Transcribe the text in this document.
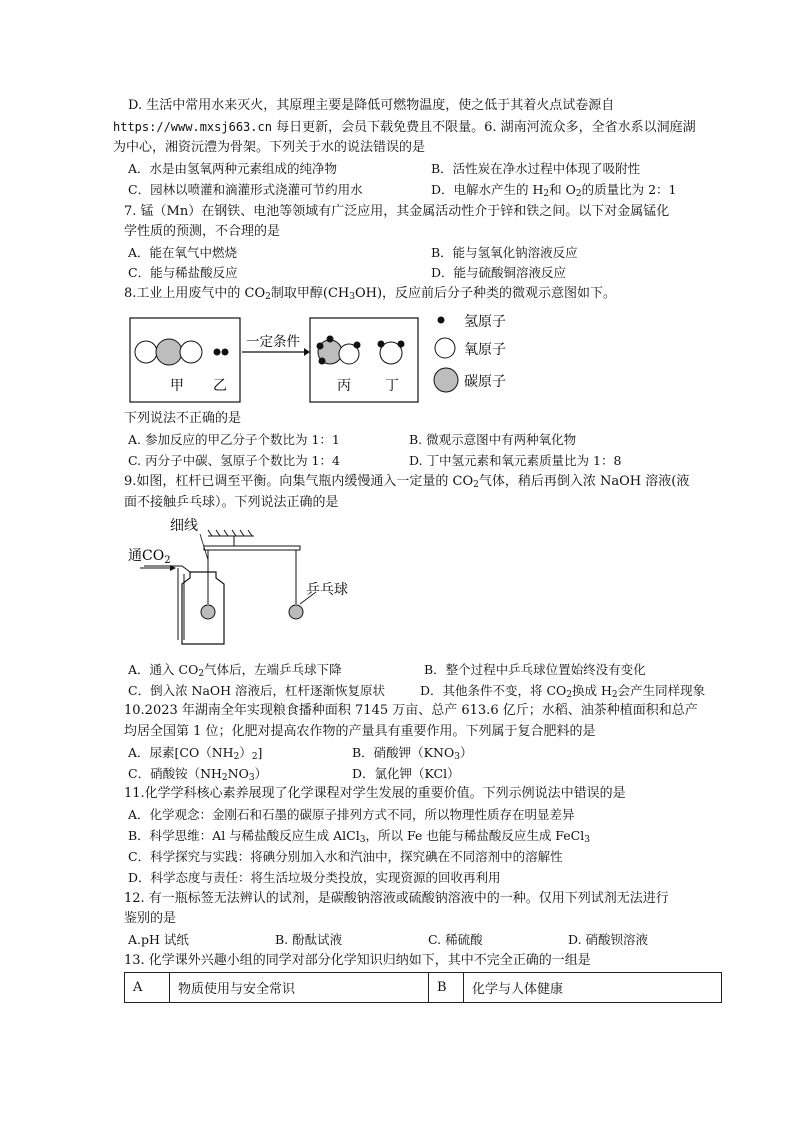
D. 生活中常用水来灭火，其原理主要是降低可燃物温度，使之低于其着火点试卷源自
https://www.mxsj663.cn 每日更新，会员下载免费且不限量。6. 湖南河流众多，全省水系以洞庭湖
为中心，湘资沅澧为骨架。下列关于水的说法错误的是
A．水是由氢氧两种元素组成的纯净物	B．活性炭在净水过程中体现了吸附性
C．园林以喷灌和滴灌形式浇灌可节约用水	D．电解水产生的 $H_2$和 $O_2$的质量比为 2：1
7. 锰（Mn）在钢铁、电池等领域有广泛应用，其金属活动性介于锌和铁之间。以下对金属锰化
学性质的预测，不合理的是
A．能在氧气中燃烧	B．能与氢氧化钠溶液反应
C．能与稀盐酸反应	D．能与硫酸铜溶液反应
8.工业上用废气中的 $CO_2$制取甲醇$(CH_3OH)$，反应前后分子种类的微观示意图如下。
甲 乙
一定条件
丙 丁
氢原子
氧原子
碳原子
下列说法不正确的是
A. 参加反应的甲乙分子个数比为 1：1	B. 微观示意图中有两种氧化物
C. 丙分子中碳、氢原子个数比为 1：4	D. 丁中氢元素和氧元素质量比为 1：8
9.如图，杠杆已调至平衡。向集气瓶内缓慢通入一定量的 $CO_2$气体，稍后再倒入浓 NaOH 溶液(液
面不接触乒乓球）。下列说法正确的是
细线
通$CO_2$
乒乓球
A．通入 $CO_2$气体后，左端乒乓球下降	B．整个过程中乒乓球位置始终没有变化
C．倒入浓 NaOH 溶液后，杠杆逐渐恢复原状	D．其他条件不变，将 $CO_2$换成 $H_2$会产生同样现象
10.2023 年湖南全年实现粮食播种面积 7145 万亩、总产 613.6 亿斤；水稻、油茶种植面积和总产
均居全国第 1 位；化肥对提高农作物的产量具有重要作用。下列属于复合肥料的是
A．尿素$[CO(NH_2)_2]$	B．硝酸钾$(KNO_3)$
C．硝酸铵$(NH_2NO_3)$	D．氯化钾（KCl）
11.化学学科核心素养展现了化学课程对学生发展的重要价值。下列示例说法中错误的是
A．化学观念：金刚石和石墨的碳原子排列方式不同，所以物理性质存在明显差异
B．科学思维：Al 与稀盐酸反应生成 AlCl$_3$，所以 Fe 也能与稀盐酸反应生成 FeCl$_3$
C．科学探究与实践：将碘分别加入水和汽油中，探究碘在不同溶剂中的溶解性
D．科学态度与责任：将生活垃圾分类投放，实现资源的回收再利用
12. 有一瓶标签无法辨认的试剂，是碳酸钠溶液或硫酸钠溶液中的一种。仅用下列试剂无法进行
鉴别的是
A.pH 试纸	B. 酚酞试液	C. 稀硫酸	D. 硝酸钡溶液
13. 化学课外兴趣小组的同学对部分化学知识归纳如下，其中不完全正确的一组是
A	物质使用与安全常识	B	化学与人体健康
